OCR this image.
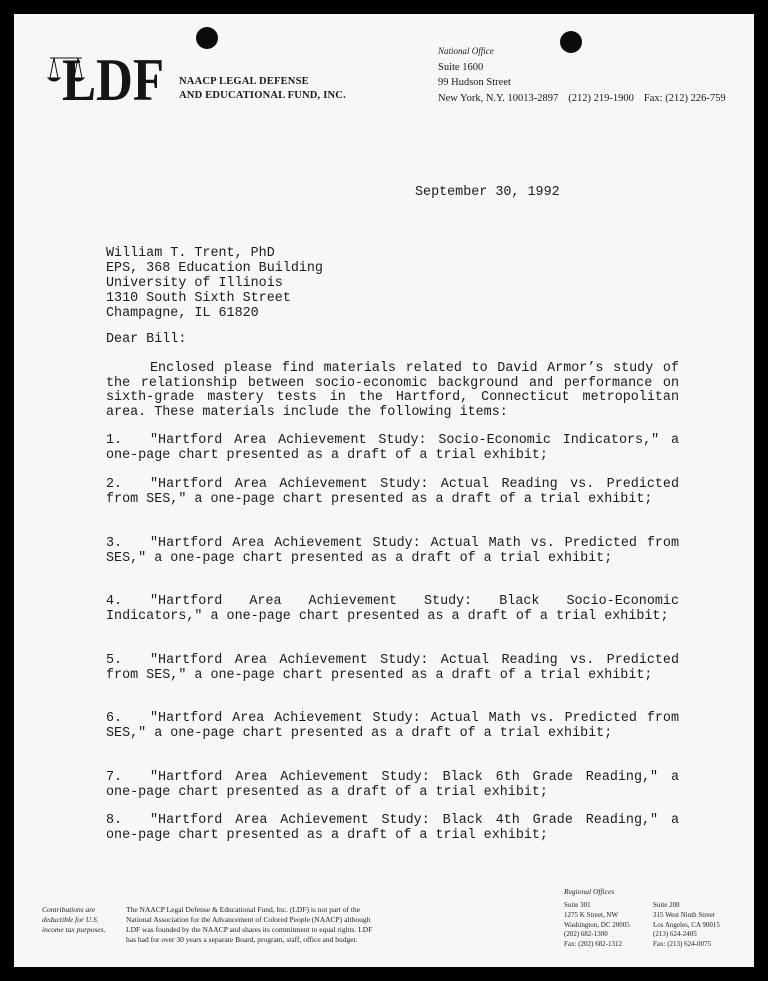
LDF NAACP LEGAL DEFENSE
AND EDUCATIONAL FUND, INC.
National Office
Suite 1600
99 Hudson Street
New York, N.Y. 10013-2897 (212) 219-1900 Fax: (212) 226-759
September 30, 1992
William T. Trent, PhD
EPS, 368 Education Building
University of Illinois
1310 South Sixth Street
Champagne, IL 61820
Dear Bill:
Enclosed please find materials related to David Armor’s study of the relationship between socio-economic background and performance on sixth-grade mastery tests in the Hartford, Connecticut metropolitan area. These materials include the following items:
1. "Hartford Area Achievement Study: Socio-Economic Indicators," a one-page chart presented as a draft of a trial exhibit;
2. "Hartford Area Achievement Study: Actual Reading vs. Predicted from SES," a one-page chart presented as a draft of a trial exhibit;
3. "Hartford Area Achievement Study: Actual Math vs. Predicted from SES," a one-page chart presented as a draft of a trial exhibit;
4. "Hartford Area Achievement Study: Black Socio-Economic Indicators," a one-page chart presented as a draft of a trial exhibit;
5. "Hartford Area Achievement Study: Actual Reading vs. Predicted from SES," a one-page chart presented as a draft of a trial exhibit;
6. "Hartford Area Achievement Study: Actual Math vs. Predicted from SES," a one-page chart presented as a draft of a trial exhibit;
7. "Hartford Area Achievement Study: Black 6th Grade Reading," a one-page chart presented as a draft of a trial exhibit;
8. "Hartford Area Achievement Study: Black 4th Grade Reading," a one-page chart presented as a draft of a trial exhibit;
Contributions are
deductible for U.S.
income tax purposes.
The NAACP Legal Defense & Educational Fund, Inc. (LDF) is not part of the National Association for the Advancement of Colored People (NAACP) although LDF was founded by the NAACP and shares its commitment to equal rights. LDF has had for over 30 years a separate Board, program, staff, office and budget.
Regional Offices
Suite 301
1275 K Street, NW
Washington, DC 20005
(202) 682-1300
Fax: (202) 682-1312
Suite 208
315 West Ninth Street
Los Angeles, CA 90015
(213) 624-2405
Fax: (213) 624-0075
